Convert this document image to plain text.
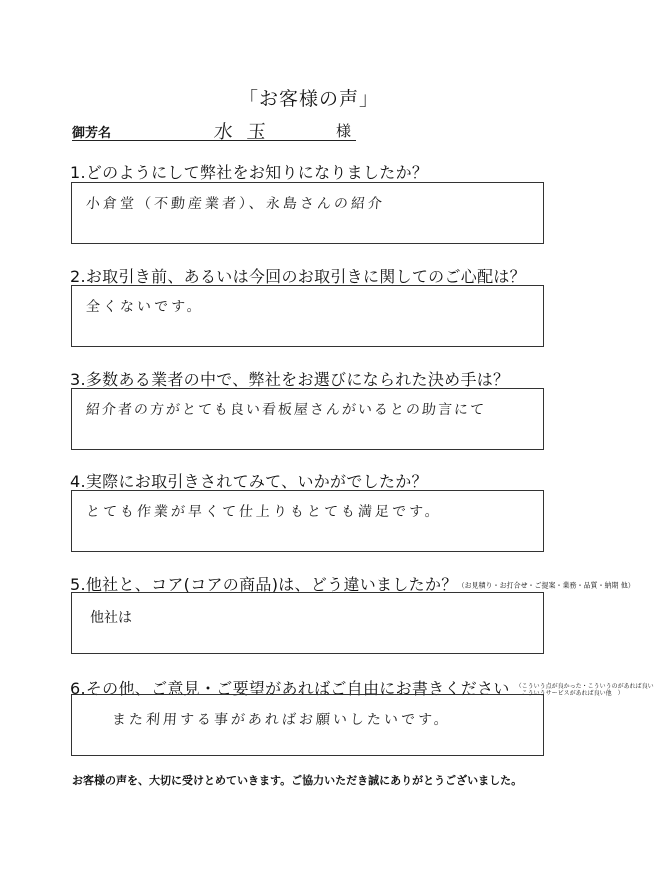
「お客様の声」
御芳名	水玉	様
1.どのようにして弊社をお知りになりましたか？
小倉堂（不動産業者）、永島さんの紹介
2.お取引き前、あるいは今回のお取引きに関してのご心配は？
全くないです。
3.多数ある業者の中で、弊社をお選びになられた決め手は？
紹介者の方がとても良い看板屋さんがいるとの助言にて
4.実際にお取引きされてみて、いかがでしたか？
とても作業が早くて仕上りもとても満足です。
5.他社と、コア(コアの商品)は、どう違いましたか？（お見積り・お打合せ・ご提案・業務・品質・納期 他）
他社は
6.その他、ご意見・ご要望があればご自由にお書きください （こういう点が良かった・こういうのがあれば良い
　こういうサービスがあれば良い他　）
また利用する事があればお願いしたいです。
お客様の声を、大切に受けとめていきます。ご協力いただき誠にありがとうございました。
